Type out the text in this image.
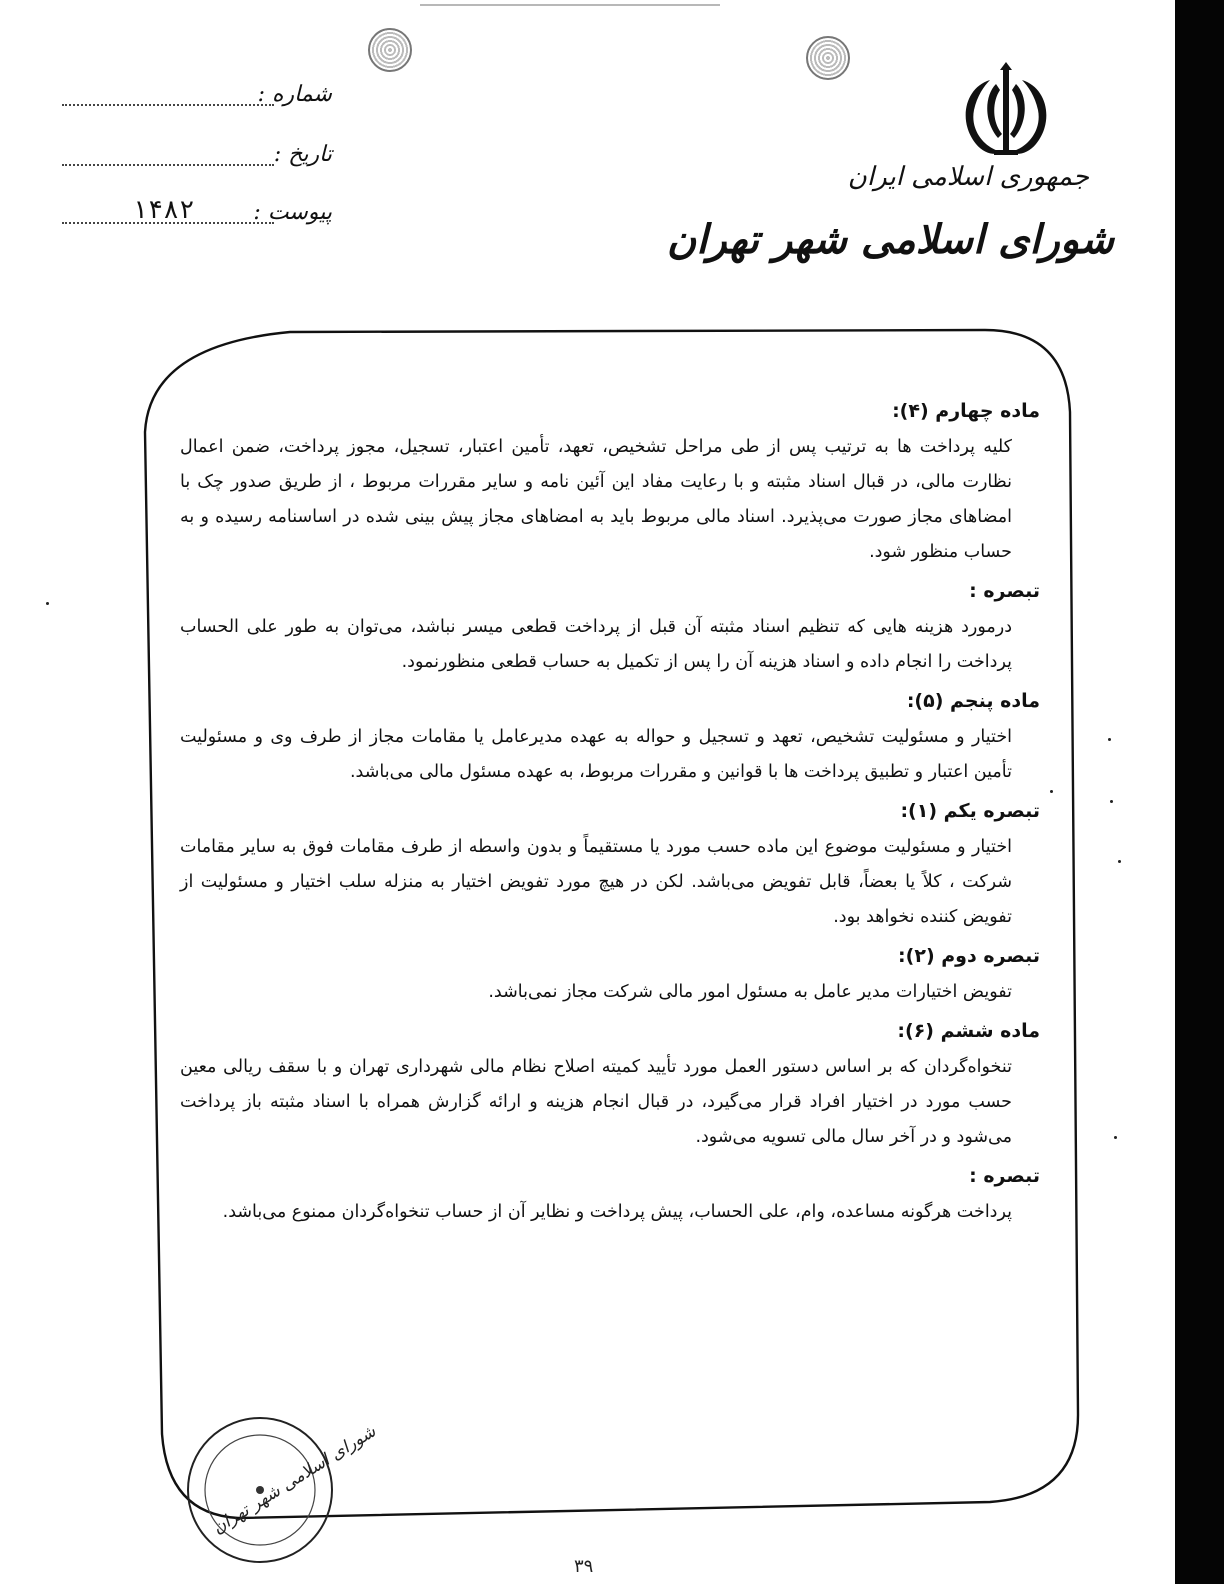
شماره :
تاریخ :
پیوست :
۱۴۸۲
جمهوری اسلامی ایران
شورای اسلامی شهر تهران
شورای اسلامی شهر تهران
ماده چهارم (۴):
کلیه پرداخت ها به ترتیب پس از طی مراحل تشخیص، تعهد، تأمین اعتبار، تسجیل، مجوز پرداخت، ضمن اعمال نظارت مالی، در قبال اسناد مثبته و با رعایت مفاد این آئین نامه و سایر مقررات مربوط ، از طریق صدور چک با امضاهای مجاز صورت می‌پذیرد. اسناد مالی مربوط باید به امضاهای مجاز پیش بینی شده در اساسنامه رسیده و به حساب منظور شود.
تبصره :
درمورد هزینه هایی که تنظیم اسناد مثبته آن قبل از پرداخت قطعی میسر نباشد، می‌توان به طور علی الحساب پرداخت را انجام داده و اسناد هزینه آن را پس از تکمیل به حساب قطعی منظورنمود.
ماده پنجم (۵):
اختیار و مسئولیت تشخیص، تعهد و تسجیل و حواله به عهده مدیرعامل یا مقامات مجاز از طرف وی و مسئولیت تأمین اعتبار و تطبیق پرداخت ها با قوانین و مقررات مربوط، به عهده مسئول مالی می‌باشد.
تبصره یکم (۱):
اختیار و مسئولیت موضوع این ماده حسب مورد یا مستقیماً و بدون واسطه از طرف مقامات فوق به سایر مقامات شرکت ، کلاً یا بعضاً، قابل تفویض می‌باشد. لکن در هیچ مورد تفویض اختیار به منزله سلب اختیار و مسئولیت از تفویض کننده نخواهد بود.
تبصره دوم (۲):
تفویض اختیارات مدیر عامل به مسئول امور مالی شرکت مجاز نمی‌باشد.
ماده ششم (۶):
تنخواه‌گردان که بر اساس دستور العمل مورد تأیید کمیته اصلاح نظام مالی شهرداری تهران و با سقف ریالی معین حسب مورد در اختیار افراد قرار می‌گیرد، در قبال انجام هزینه و ارائه گزارش همراه با اسناد مثبته باز پرداخت می‌شود و در آخر سال مالی تسویه می‌شود.
تبصره :
پرداخت هرگونه مساعده، وام، علی الحساب، پیش پرداخت و نظایر آن از حساب تنخواه‌گردان ممنوع می‌باشد.
۳۹
